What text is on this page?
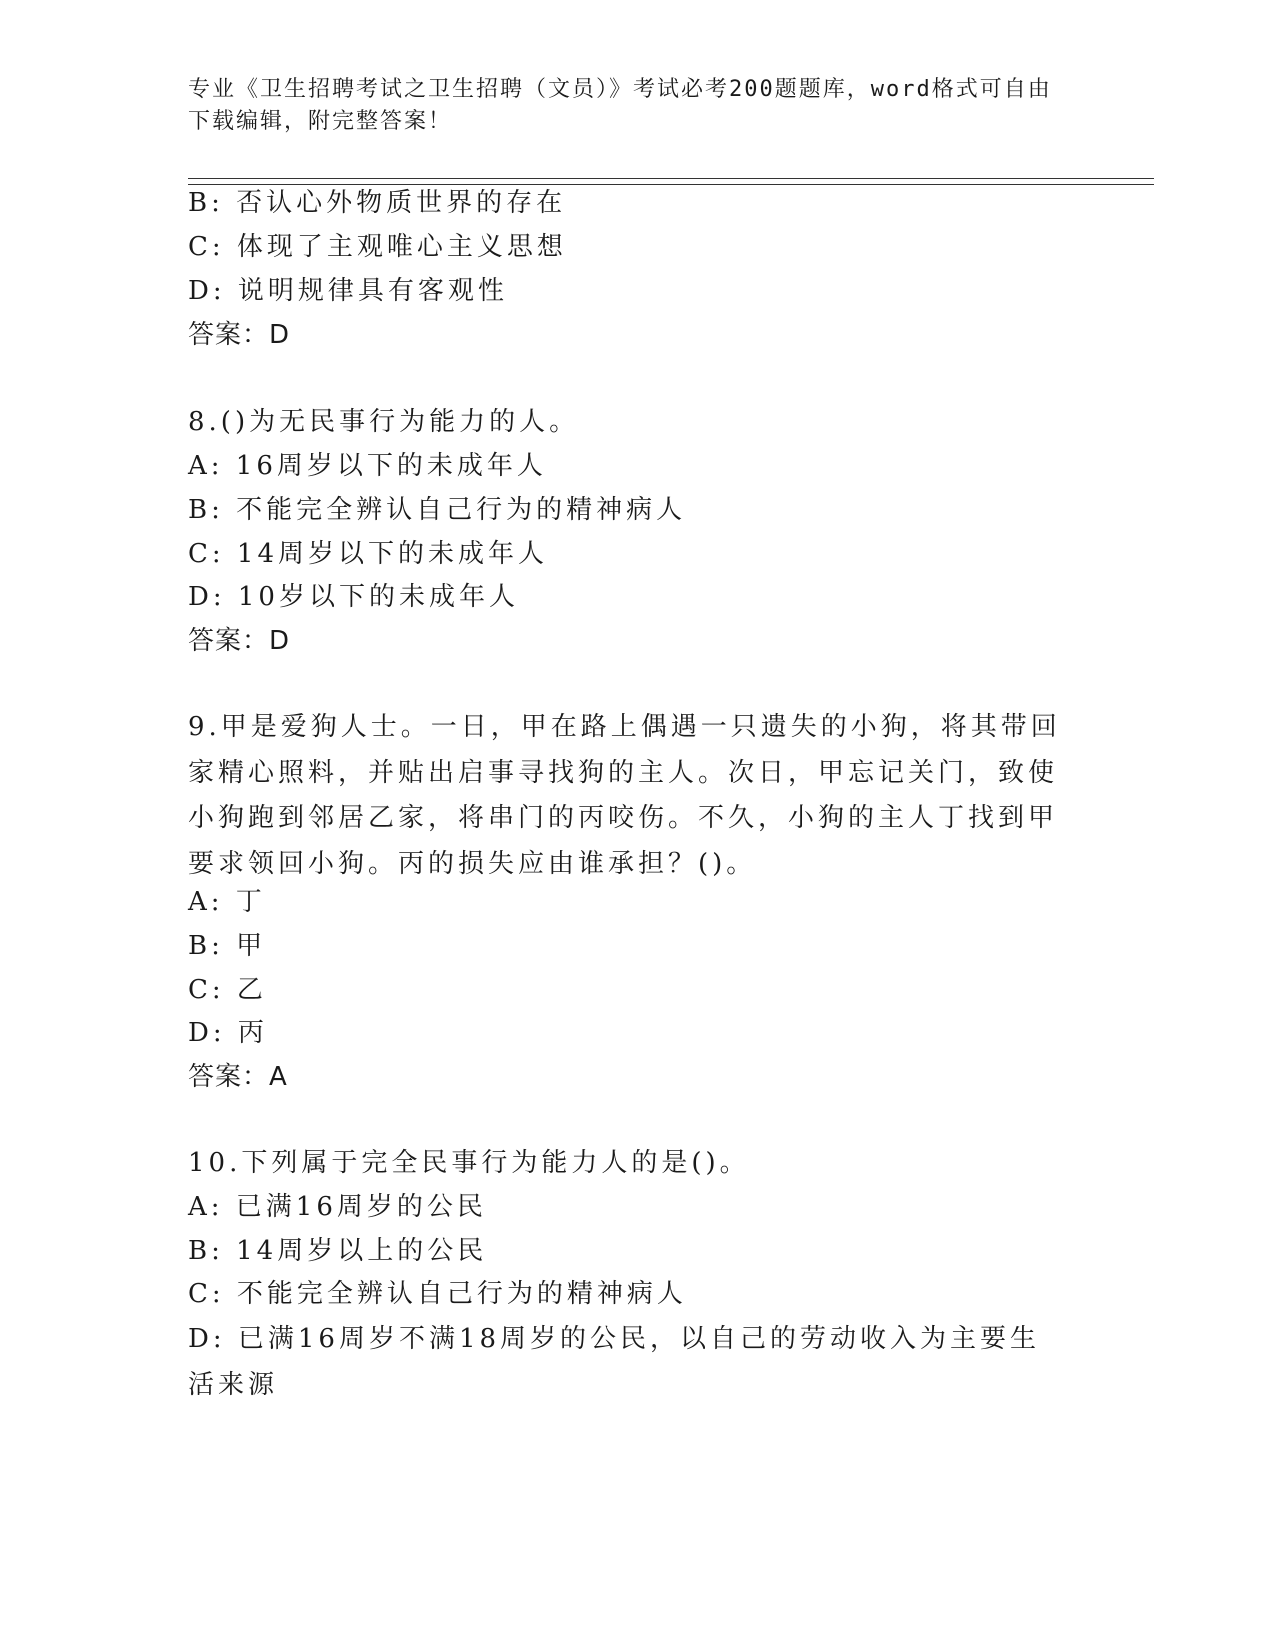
专业《卫生招聘考试之卫生招聘（文员）》考试必考200题题库，word格式可自由下载编辑，附完整答案！
B: 否认心外物质世界的存在
C: 体现了主观唯心主义思想
D: 说明规律具有客观性
答案：D
8.()为无民事行为能力的人。
A: 16周岁以下的未成年人
B: 不能完全辨认自己行为的精神病人
C: 14周岁以下的未成年人
D: 10岁以下的未成年人
答案：D
9.甲是爱狗人士。一日，甲在路上偶遇一只遗失的小狗，将其带回家精心照料，并贴出启事寻找狗的主人。次日，甲忘记关门，致使小狗跑到邻居乙家，将串门的丙咬伤。不久，小狗的主人丁找到甲要求领回小狗。丙的损失应由谁承担？()。
A: 丁
B: 甲
C: 乙
D: 丙
答案：A
10.下列属于完全民事行为能力人的是()。
A: 已满16周岁的公民
B: 14周岁以上的公民
C: 不能完全辨认自己行为的精神病人
D: 已满16周岁不满18周岁的公民，以自己的劳动收入为主要生活来源
